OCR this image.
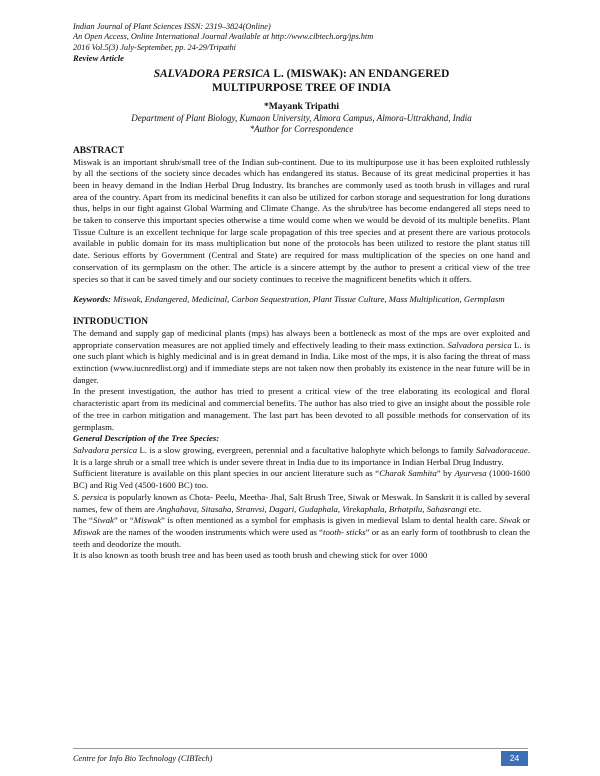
Indian Journal of Plant Sciences ISSN: 2319–3824(Online)
An Open Access, Online International Journal Available at http://www.cibtech.org/jps.htm
2016 Vol.5(3) July-September, pp. 24-29/Tripathi
Review Article
SALVADORA PERSICA L. (MISWAK): AN ENDANGERED
MULTIPURPOSE TREE OF INDIA
*Mayank Tripathi
Department of Plant Biology, Kumaon University, Almora Campus, Almora-Uttrakhand, India
*Author for Correspondence
ABSTRACT

Miswak is an important shrub/small tree of the Indian sub-continent. Due to its multipurpose use it has been exploited ruthlessly by all the sections of the society since decades which has endangered its status. Because of its great medicinal properties it has been in heavy demand in the Indian Herbal Drug Industry. Its branches are commonly used as tooth brush in villages and rural area of the country. Apart from its medicinal benefits it can also be utilized for carbon storage and sequestration for long durations thus, helps in our fight against Global Warming and Climate Change. As the shrub/tree has become endangered all steps need to be taken to conserve this important species otherwise a time would come when we would be devoid of its multiple benefits. Plant Tissue Culture is an excellent technique for large scale propagation of this tree species and at present there are various protocols available in public domain for its mass multiplication but none of the protocols has been utilized to restore the plant status till date. Serious efforts by Government (Central and State) are required for mass multiplication of the species on one hand and conservation of its germplasm on the other. The article is a sincere attempt by the author to present a critical view of the tree species so that it can be saved timely and our society continues to receive the magnificent benefits which it offers.

Keywords: Miswak, Endangered, Medicinal, Carbon Sequestration, Plant Tissue Culture, Mass Multiplication, Germplasm

INTRODUCTION

The demand and supply gap of medicinal plants (mps) has always been a bottleneck as most of the mps are over exploited and appropriate conservation measures are not applied timely and effectively leading to their mass extinction. Salvadora persica L. is one such plant which is highly medicinal and is in great demand in India. Like most of the mps, it is also facing the threat of mass extinction (www.iucnredlist.org) and if immediate steps are not taken now then probably its existence in the near future will be in danger.

In the present investigation, the author has tried to present a critical view of the tree elaborating its ecological and floral characteristic apart from its medicinal and commercial benefits. The author has also tried to give an insight about the possible role of the tree in carbon mitigation and management. The last part has been devoted to all possible methods for conservation of its germplasm.

General Description of the Tree Species:

Salvadora persica L. is a slow growing, evergreen, perennial and a facultative halophyte which belongs to family Salvadoraceae. It is a large shrub or a small tree which is under severe threat in India due to its importance in Indian Herbal Drug Industry.

Sufficient literature is available on this plant species in our ancient literature such as “Charak Samhita” by Ayurvesa (1000-1600 BC) and Rig Ved (4500-1600 BC) too.

S. persica is popularly known as Chota- Peelu, Meetha- Jhal, Salt Brush Tree, Siwak or Meswak. In Sanskrit it is called by several names, few of them are Anghahava, Sitasaha, Stranvsi, Dagari, Gudaphala, Virekaphala, Brhatpilu, Sahasrangi etc.

The “Siwak” or “Miswak” is often mentioned as a symbol for emphasis is given in medieval Islam to dental health care. Siwak or Miswak are the names of the wooden instruments which were used as “tooth- sticks” or as an early form of toothbrush to clean the teeth and deodorize the mouth.

It is also known as tooth brush tree and has been used as tooth brush and chewing stick for over 1000

Centre for Info Bio Technology (CIBTech)	24
